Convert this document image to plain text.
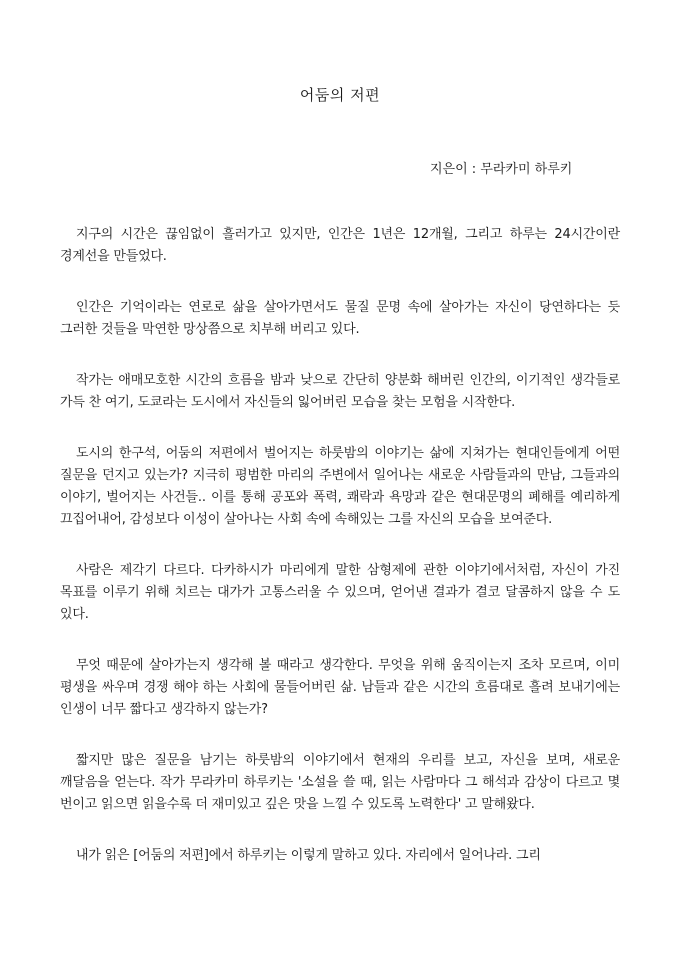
어둠의 저편
지은이 : 무라카미 하루키

지구의 시간은 끊임없이 흘러가고 있지만, 인간은 1년은 12개월, 그리고 하루는 24시간이란 경계선을 만들었다.

인간은 기억이라는 연로로 삶을 살아가면서도 물질 문명 속에 살아가는 자신이 당연하다는 듯 그러한 것들을 막연한 망상쯤으로 치부해 버리고 있다.

작가는 애매모호한 시간의 흐름을 밤과 낮으로 간단히 양분화 해버린 인간의, 이기적인 생각들로 가득 찬 여기, 도쿄라는 도시에서 자신들의 잃어버린 모습을 찾는 모험을 시작한다.

도시의 한구석, 어둠의 저편에서 벌어지는 하룻밤의 이야기는 삶에 지쳐가는 현대인들에게 어떤 질문을 던지고 있는가? 지극히 평범한 마리의 주변에서 일어나는 새로운 사람들과의 만남, 그들과의 이야기, 벌어지는 사건들.. 이를 통해 공포와 폭력, 쾌락과 욕망과 같은 현대문명의 폐해를 예리하게 끄집어내어, 감성보다 이성이 살아나는 사회 속에 속해있는 그를 자신의 모습을 보여준다.

사람은 제각기 다르다. 다카하시가 마리에게 말한 삼형제에 관한 이야기에서처럼, 자신이 가진 목표를 이루기 위해 치르는 대가가 고통스러울 수 있으며, 얻어낸 결과가 결코 달콤하지 않을 수 도 있다.

무엇 때문에 살아가는지 생각해 볼 때라고 생각한다. 무엇을 위해 움직이는지 조차 모르며, 이미 평생을 싸우며 경쟁 해야 하는 사회에 물들어버린 삶. 남들과 같은 시간의 흐름대로 흘려 보내기에는 인생이 너무 짧다고 생각하지 않는가?

짧지만 많은 질문을 남기는 하룻밤의 이야기에서 현재의 우리를 보고, 자신을 보며, 새로운 깨달음을 얻는다. 작가 무라카미 하루키는 '소설을 쓸 때, 읽는 사람마다 그 해석과 감상이 다르고 몇 번이고 읽으면 읽을수록 더 재미있고 깊은 맛을 느낄 수 있도록 노력한다' 고 말해왔다.

내가 읽은 [어둠의 저편]에서 하루키는 이렇게 말하고 있다. 자리에서 일어나라. 그리
